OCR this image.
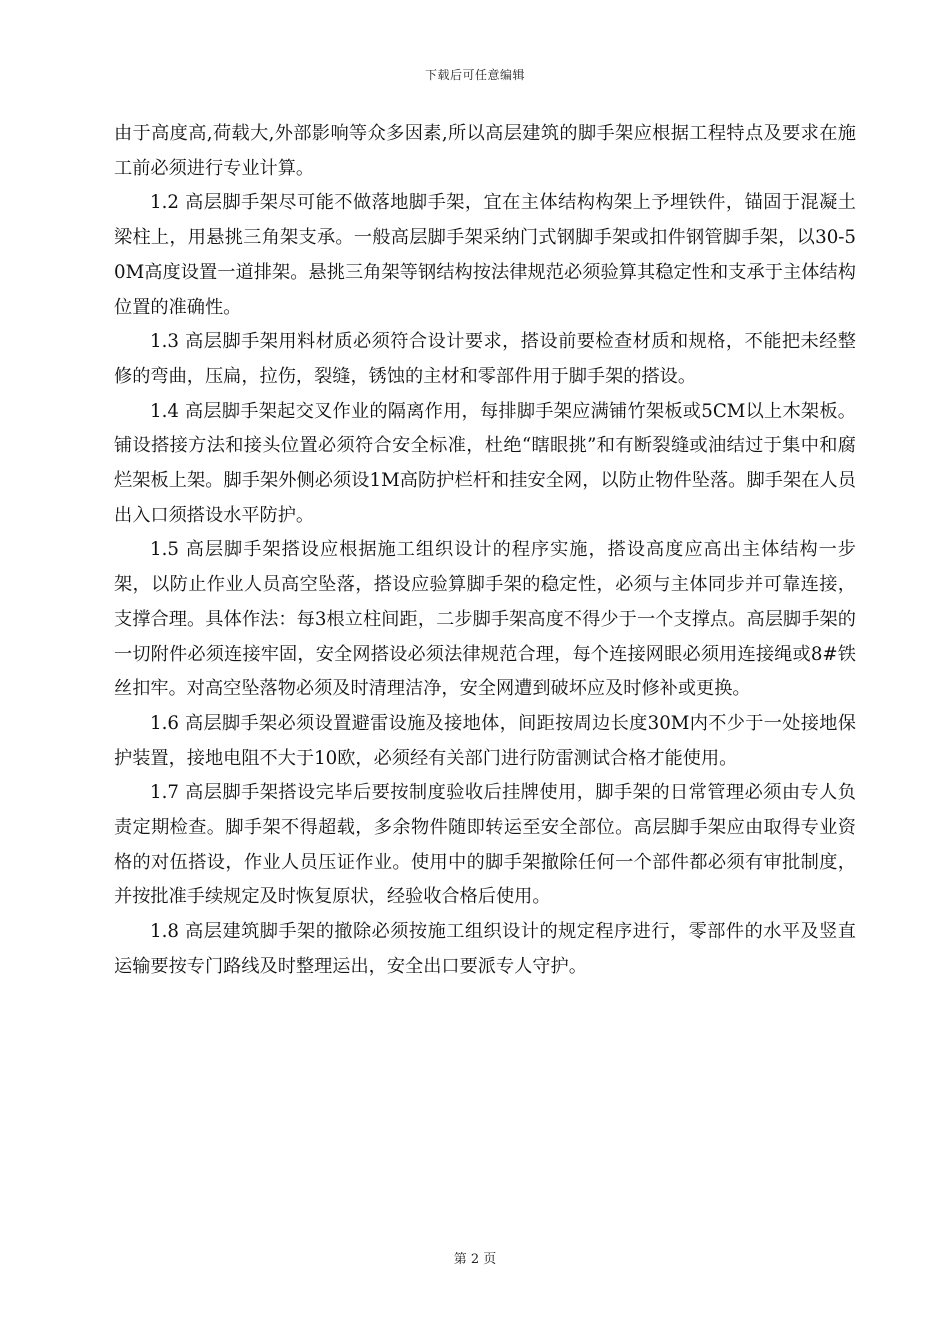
下载后可任意编辑

由于高度高,荷载大,外部影响等众多因素,所以高层建筑的脚手架应根据工程特点及要求在施工前必须进行专业计算。

1.2 高层脚手架尽可能不做落地脚手架，宜在主体结构构架上予埋铁件，锚固于混凝土梁柱上，用悬挑三角架支承。一般高层脚手架采纳门式钢脚手架或扣件钢管脚手架，以30-50M高度设置一道排架。悬挑三角架等钢结构按法律规范必须验算其稳定性和支承于主体结构位置的准确性。

1.3 高层脚手架用料材质必须符合设计要求，搭设前要检查材质和规格，不能把未经整修的弯曲，压扁，拉伤，裂缝，锈蚀的主材和零部件用于脚手架的搭设。

1.4 高层脚手架起交叉作业的隔离作用，每排脚手架应满铺竹架板或5CM以上木架板。铺设搭接方法和接头位置必须符合安全标准，杜绝“瞎眼挑”和有断裂缝或油结过于集中和腐烂架板上架。脚手架外侧必须设1M高防护栏杆和挂安全网，以防止物件坠落。脚手架在人员出入口须搭设水平防护。

1.5 高层脚手架搭设应根据施工组织设计的程序实施，搭设高度应高出主体结构一步架，以防止作业人员高空坠落，搭设应验算脚手架的稳定性，必须与主体同步并可靠连接，支撑合理。具体作法：每3根立柱间距，二步脚手架高度不得少于一个支撑点。高层脚手架的一切附件必须连接牢固，安全网搭设必须法律规范合理，每个连接网眼必须用连接绳或8#铁丝扣牢。对高空坠落物必须及时清理洁净，安全网遭到破坏应及时修补或更换。

1.6 高层脚手架必须设置避雷设施及接地体，间距按周边长度30M内不少于一处接地保护装置，接地电阻不大于10欧，必须经有关部门进行防雷测试合格才能使用。

1.7 高层脚手架搭设完毕后要按制度验收后挂牌使用，脚手架的日常管理必须由专人负责定期检查。脚手架不得超载，多余物件随即转运至安全部位。高层脚手架应由取得专业资格的对伍搭设，作业人员压证作业。使用中的脚手架撤除任何一个部件都必须有审批制度，并按批准手续规定及时恢复原状，经验收合格后使用。

1.8 高层建筑脚手架的撤除必须按施工组织设计的规定程序进行，零部件的水平及竖直运输要按专门路线及时整理运出，安全出口要派专人守护。

第 2 页
